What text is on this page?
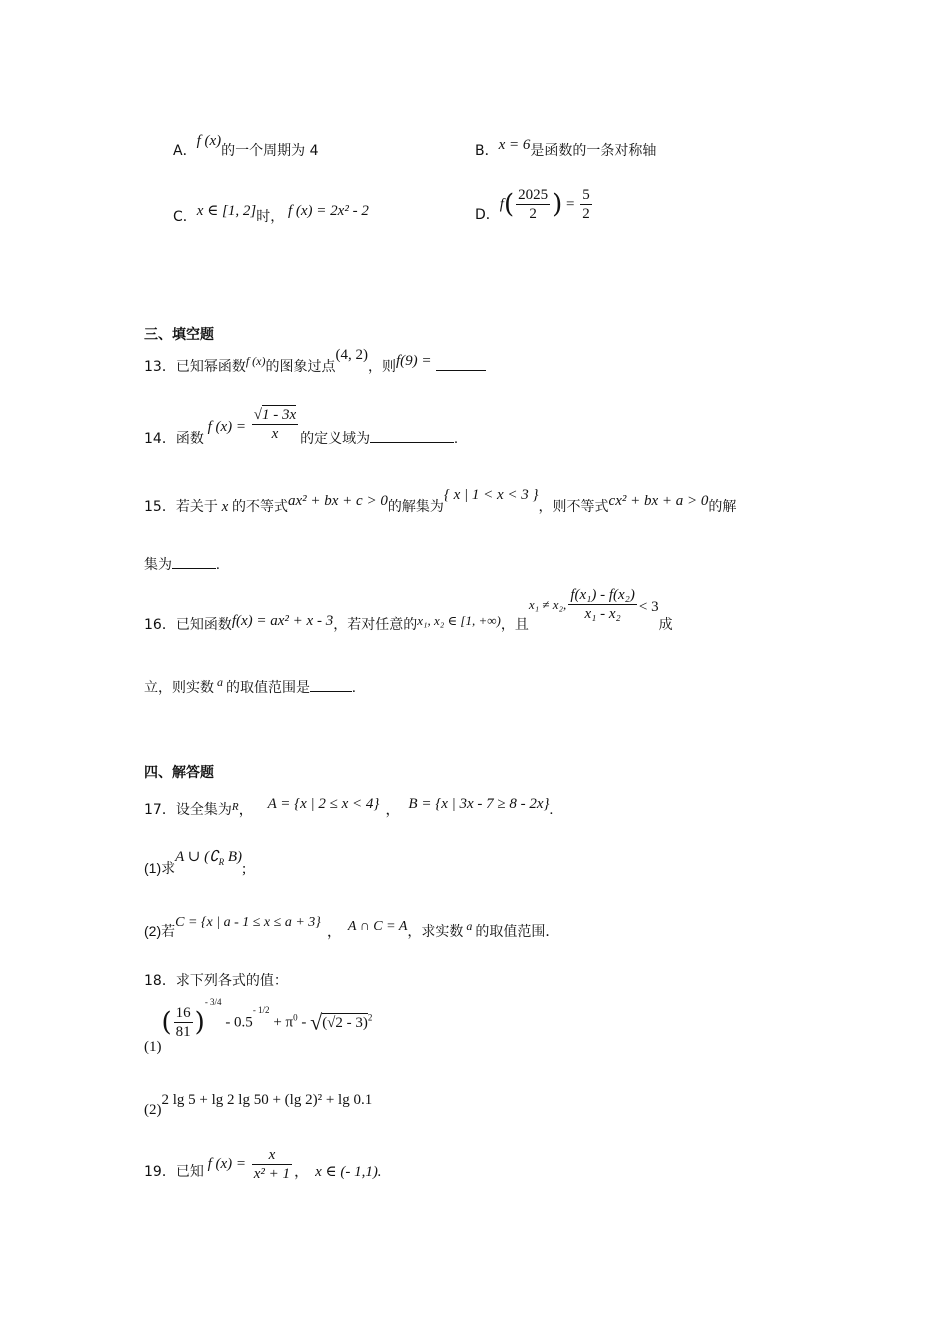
A．f (x)的一个周期为 4	B．x = 6是函数的一条对称轴
C．x ∈ [1, 2]时， f (x) = 2x² - 2	D．$f( \frac{2025}{2}$ ) = $\frac{5}{2}$
三、填空题
13．已知幂函数$^{f (x)}$的图象过点(4, 2)，则f(9) =
14．函数 f $(x) = \frac{√1 - 3x}{x}$ 的定义域为	.
15．若关于 x 的不等式ax² + bx + c > 0的解集为{ x | 1 < x < 3 }，则不等式cx² + bx + a > 0的解
集为	.
16．已知函数f(x) = ax² + x - 3，若对任意的x₁, x₂ ∈ [1, +∞)，且x₁ ≠ x₂, $\frac{\text{f(x₁) - f(x₂)}}{\text{x₁ - x₂}} < 3$成
立，则实数 $^a$ 的取值范围是	.
四、解答题
17．设全集为$^R$， A = {x | 2 ≤ x < 4} ， B = {x | 3x - 7 ≥ 8 - 2x}.
(1)求A ∪ ($∁_R$ B);
(2)若C = {x | a - 1 ≤ x ≤ a + 3}， A ∩ C = A，求实数 $^a$ 的取值范围．
18．求下列各式的值：
$(1)( \frac{16}{81} )^{- 3/4} - 0.5^{- 1/2} + \pi^0 - √(√2 - 3)^2$
(2)2 lg 5 + lg 2 lg 50 + (lg 2)² + lg 0.1
19．已知 f $(x) = \frac{x}{\text{x² + 1}}$ ， x ∈ (- 1,1).
